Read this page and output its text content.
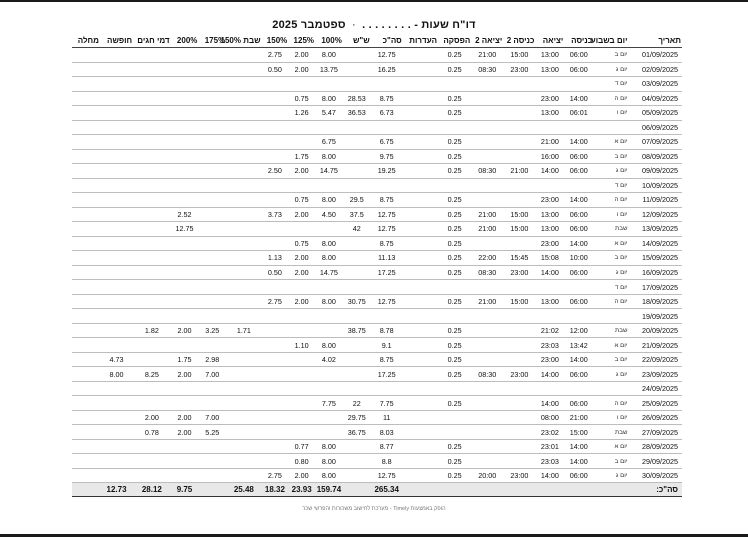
דו"ח שעות - . . . . . . . . · ספטמבר 2025
תאריך	יום בשבוע	כניסה	יציאה	כניסה 2	יציאה 2	הפסקה	העדרות	סה"כ	ש"ש	100%	125%	150%	שבת 150%	175%	200%	דמי חגים	חופשה	מחלה
01/09/2025	יום ב	06:00	13:00	15:00	21:00	0.25		12.75		8.00	2.00	2.75						
02/09/2025	יום ג	06:00	13:00	23:00	08:30	0.25		16.25		13.75	2.00	0.50						
03/09/2025	יום ד																	
04/09/2025	יום ה	14:00	23:00			0.25		8.75	28.53	8.00	0.75							
05/09/2025	יום ו	06:01	13:00			0.25		6.73	36.53	5.47	1.26							
06/09/2025																		
07/09/2025	יום א	14:00	21:00			0.25		6.75		6.75								
08/09/2025	יום ב	06:00	16:00			0.25		9.75		8.00	1.75							
09/09/2025	יום ג	06:00	14:00	21:00	08:30	0.25		19.25		14.75	2.00	2.50						
10/09/2025	יום ד																	
11/09/2025	יום ה	14:00	23:00			0.25		8.75	29.5	8.00	0.75							
12/09/2025	יום ו	06:00	13:00	15:00	21:00	0.25		12.75	37.5	4.50	2.00	3.73			2.52			
13/09/2025	שבת	06:00	13:00	15:00	21:00	0.25		12.75	42						12.75			
14/09/2025	יום א	14:00	23:00			0.25		8.75		8.00	0.75							
15/09/2025	יום ב	10:00	15:08	15:45	22:00	0.25		11.13		8.00	2.00	1.13						
16/09/2025	יום ג	06:00	14:00	23:00	08:30	0.25		17.25		14.75	2.00	0.50						
17/09/2025	יום ד																	
18/09/2025	יום ה	06:00	13:00	15:00	21:00	0.25		12.75	30.75	8.00	2.00	2.75						
19/09/2025																		
20/09/2025	שבת	12:00	21:02			0.25		8.78	38.75				1.71	3.25	2.00	1.82		
21/09/2025	יום א	13:42	23:03			0.25		9.1		8.00	1.10							
22/09/2025	יום ב	14:00	23:00			0.25		8.75		4.02				2.98	1.75		4.73	
23/09/2025	יום ג	06:00	14:00	23:00	08:30	0.25		17.25						7.00	2.00	8.25	8.00	
24/09/2025																		
25/09/2025	יום ה	06:00	14:00			0.25		7.75	22	7.75								
26/09/2025	יום ו	21:00	08:00					11	29.75					7.00	2.00	2.00		
27/09/2025	שבת	15:00	23:02					8.03	36.75					5.25	2.00	0.78		
28/09/2025	יום א	14:00	23:01			0.25		8.77		8.00	0.77							
29/09/2025	יום ב	14:00	23:03			0.25		8.8		8.00	0.80							
30/09/2025	יום ג	06:00	14:00	23:00	20:00	0.25		12.75		8.00	2.00	2.75						
סה"כ:								265.34		159.74	23.93	18.32	25.48		9.75	28.12	12.73	
הופק באמצעות Timely - מערכת לחישוב משכורות והפרשי שכר
